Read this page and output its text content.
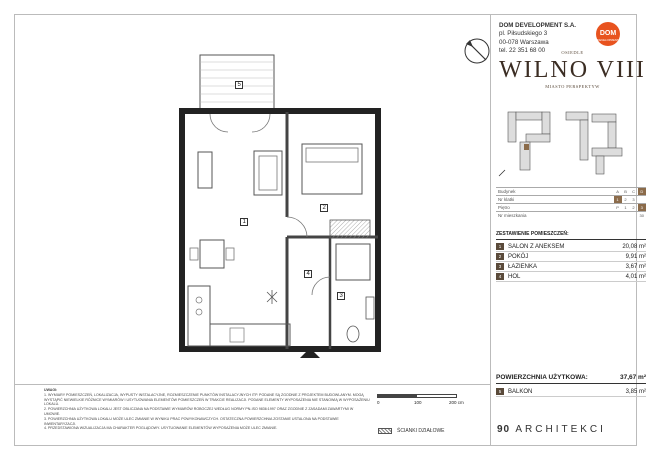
5
1
2
4
3
UWAGI:
1. WYMIARY POMIESZCZEŃ, LOKALIZACJA, WYPUSTY INSTALACYJNE, ROZMIESZCZENIE PUNKTÓW INSTALACYJNYCH ITP. PODANE SĄ ZGODNIE Z PROJEKTEM BUDOWLANYM. MOGĄ WYSTĄPIĆ NIEWIELKIE RÓŻNICE WYMIARÓW I USYTUOWANIA ELEMENTÓW POMIESZCZEŃ W TRAKCIE REALIZACJI. PODANE ELEMENTY WYPOSAŻENIA NIE STANOWIĄ W WYPOSAŻENIU LOKALU.
2. POWIERZCHNIA UŻYTKOWA LOKALU JEST OBLICZANA NA PODSTAWIE WYMIARÓW ROBOCZEJ WEDŁUG NORMY PN-ISO 9836:1997 ORAZ ZGODNIE Z ZASADAMI ZAWARTYMI W UMOWIE.
3. POWIERZCHNIA UŻYTKOWA LOKALU MOŻE ULEC ZMIANIE W WYNIKU PRAC POWYKONAWCZYCH. OSTATECZNA POWIERZCHNIA ZOSTANIE USTALONA NA PODSTAWIE INWENTARYZACJI.
4. PRZEDSTAWIONA WIZUALIZACJA MA CHARAKTER POGLĄDOWY. USYTUOWANIE ELEMENTÓW WYPOSAŻENIA MOŻE ULEC ZMIANIE.
0	100	200 cm
ŚCIANKI DZIAŁOWE
DOM DEVELOPMENT S.A.
pl. Piłsudskiego 3
00-078 Warszawa
tel. 22 351 68 00
DOM
DEVELOPMENT
OSIEDLE
WILNO VIII
MIASTO PERSPEKTYW
Budynek	A	B	C	D
Nr klatki	1	2	3	
Piętro	P	1	2	3
Nr mieszkania				30
ZESTAWIENIE POMIESZCZEŃ:
1	SALON Z ANEKSEM	20,08 m²
2	POKÓJ	9,91 m²
3	ŁAZIENKA	3,67 m²
4	HOL	4,01 m²
POWIERZCHNIA UŻYTKOWA:	37,67 m²
5	BALKON	3,85 m²
90 ARCHITEKCI
